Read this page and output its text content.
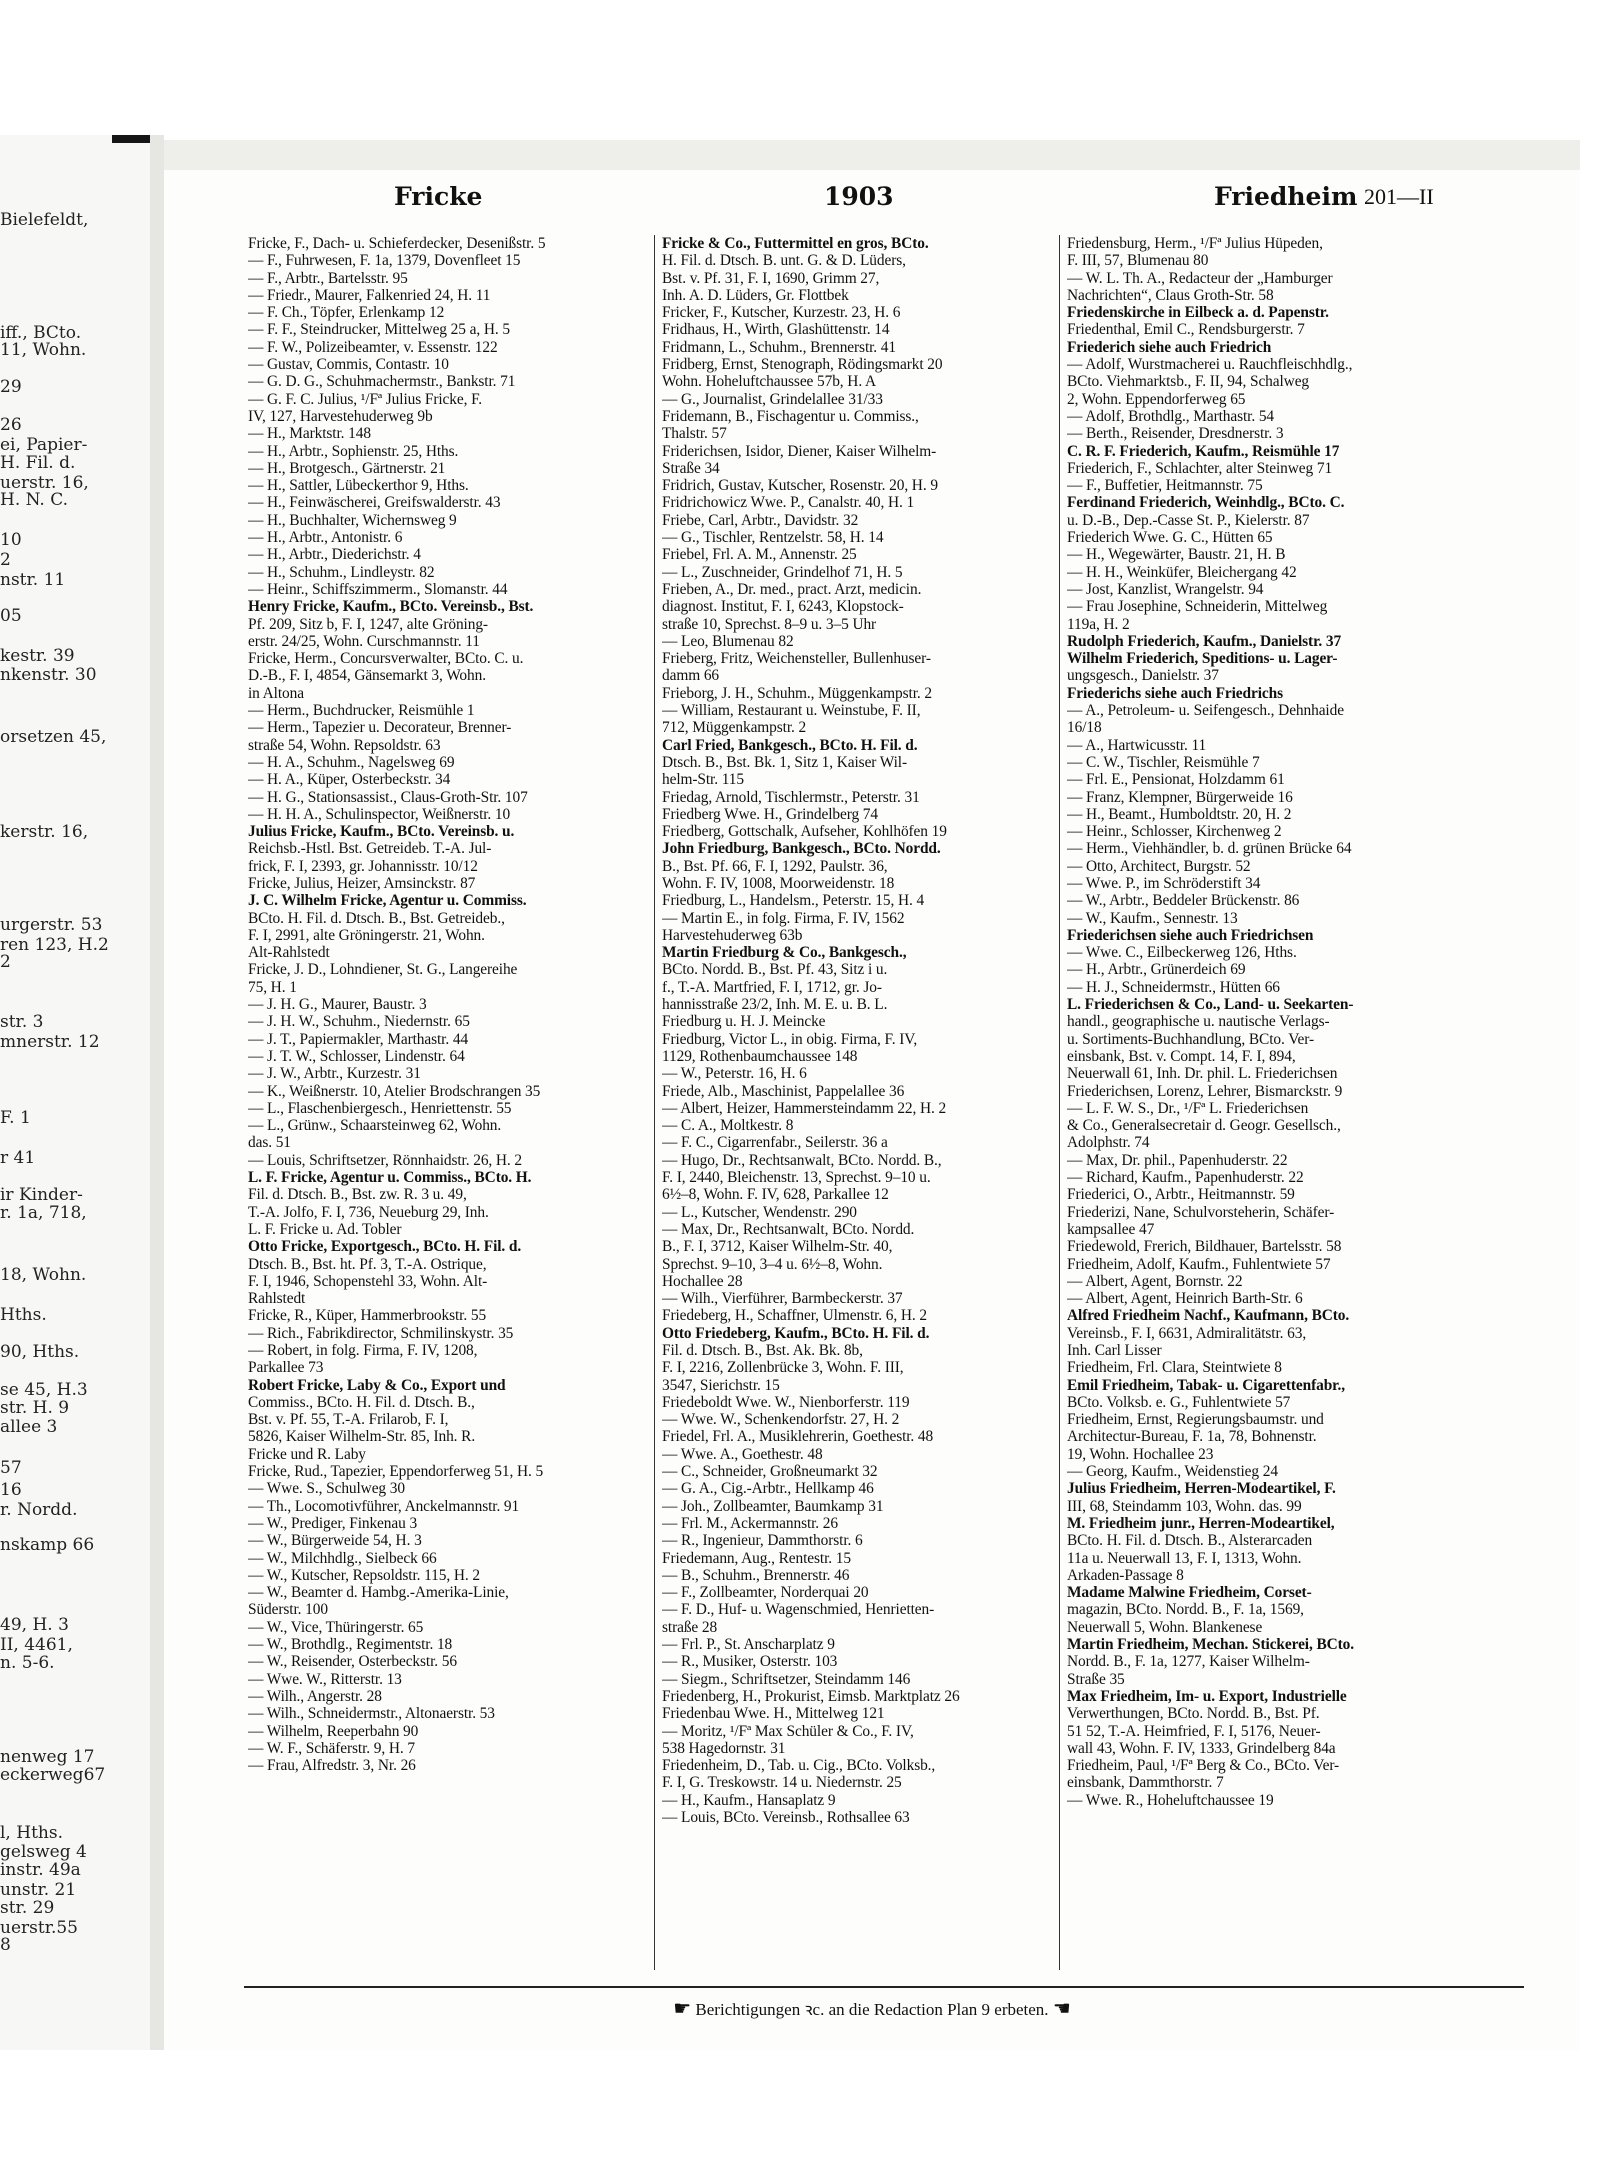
Bielefeldt,
iff., BCto.
11, Wohn.
29
26
ei, Papier-
H. Fil. d.
uerstr. 16,
H. N. C.
10
2
nstr. 11
05
kestr. 39
nkenstr. 30
orsetzen 45,
kerstr. 16,
urgerstr. 53
ren 123, H.2
2
str. 3
mnerstr. 12
F. 1
r 41
ir Kinder-
r. 1a, 718,
18, Wohn.
Hths.
90, Hths.
se 45, H.3
str. H. 9
allee 3
57
16
r. Nordd.
nskamp 66
49, H. 3
II, 4461,
n. 5-6.
nenweg 17
eckerweg67
l, Hths.
gelsweg 4
instr. 49a
unstr. 21
str. 29
uerstr.55
8
Fricke	1903	Friedheim 201—II

Fricke, F., Dach- u. Schieferdecker, Desenißstr. 5

— F., Fuhrwesen, F. 1a, 1379, Dovenfleet 15

— F., Arbtr., Bartelsstr. 95

— Friedr., Maurer, Falkenried 24, H. 11

— F. Ch., Töpfer, Erlenkamp 12

— F. F., Steindrucker, Mittelweg 25 a, H. 5

— F. W., Polizeibeamter, v. Essenstr. 122

— Gustav, Commis, Contastr. 10

— G. D. G., Schuhmachermstr., Bankstr. 71

— G. F. C. Julius, ¹/Fª Julius Fricke, F.

IV, 127, Harvestehuderweg 9b

— H., Marktstr. 148

— H., Arbtr., Sophienstr. 25, Hths.

— H., Brotgesch., Gärtnerstr. 21

— H., Sattler, Lübeckerthor 9, Hths.

— H., Feinwäscherei, Greifswalderstr. 43

— H., Buchhalter, Wichernsweg 9

— H., Arbtr., Antonistr. 6

— H., Arbtr., Diederichstr. 4

— H., Schuhm., Lindleystr. 82

— Heinr., Schiffszimmerm., Slomanstr. 44

Henry Fricke, Kaufm., BCto. Vereinsb., Bst.

Pf. 209, Sitz b, F. I, 1247, alte Gröning-

erstr. 24/25, Wohn. Curschmannstr. 11

Fricke, Herm., Concursverwalter, BCto. C. u.

D.-B., F. I, 4854, Gänsemarkt 3, Wohn.

in Altona

— Herm., Buchdrucker, Reismühle 1

— Herm., Tapezier u. Decorateur, Brenner-

straße 54, Wohn. Repsoldstr. 63

— H. A., Schuhm., Nagelsweg 69

— H. A., Küper, Osterbeckstr. 34

— H. G., Stationsassist., Claus-Groth-Str. 107

— H. H. A., Schulinspector, Weißnerstr. 10

Julius Fricke, Kaufm., BCto. Vereinsb. u.

Reichsb.-Hstl. Bst. Getreideb. T.-A. Jul-

frick, F. I, 2393, gr. Johannisstr. 10/12

Fricke, Julius, Heizer, Amsinckstr. 87

J. C. Wilhelm Fricke, Agentur u. Commiss.

BCto. H. Fil. d. Dtsch. B., Bst. Getreideb.,

F. I, 2991, alte Gröningerstr. 21, Wohn.

Alt-Rahlstedt

Fricke, J. D., Lohndiener, St. G., Langereihe

75, H. 1

— J. H. G., Maurer, Baustr. 3

— J. H. W., Schuhm., Niedernstr. 65

— J. T., Papiermakler, Marthastr. 44

— J. T. W., Schlosser, Lindenstr. 64

— J. W., Arbtr., Kurzestr. 31

— K., Weißnerstr. 10, Atelier Brodschrangen 35

— L., Flaschenbiergesch., Henriettenstr. 55

— L., Grünw., Schaarsteinweg 62, Wohn.

das. 51

— Louis, Schriftsetzer, Rönnhaidstr. 26, H. 2

L. F. Fricke, Agentur u. Commiss., BCto. H.

Fil. d. Dtsch. B., Bst. zw. R. 3 u. 49,

T.-A. Jolfo, F. I, 736, Neueburg 29, Inh.

L. F. Fricke u. Ad. Tobler

Otto Fricke, Exportgesch., BCto. H. Fil. d.

Dtsch. B., Bst. ht. Pf. 3, T.-A. Ostrique,

F. I, 1946, Schopenstehl 33, Wohn. Alt-

Rahlstedt

Fricke, R., Küper, Hammerbrookstr. 55

— Rich., Fabrikdirector, Schmilinskystr. 35

— Robert, in folg. Firma, F. IV, 1208,

Parkallee 73

Robert Fricke, Laby & Co., Export und

Commiss., BCto. H. Fil. d. Dtsch. B.,

Bst. v. Pf. 55, T.-A. Frilarob, F. I,

5826, Kaiser Wilhelm-Str. 85, Inh. R.

Fricke und R. Laby

Fricke, Rud., Tapezier, Eppendorferweg 51, H. 5

— Wwe. S., Schulweg 30

— Th., Locomotivführer, Anckelmannstr. 91

— W., Prediger, Finkenau 3

— W., Bürgerweide 54, H. 3

— W., Milchhdlg., Sielbeck 66

— W., Kutscher, Repsoldstr. 115, H. 2

— W., Beamter d. Hambg.-Amerika-Linie,

Süderstr. 100

— W., Vice, Thüringerstr. 65

— W., Brothdlg., Regimentstr. 18

— W., Reisender, Osterbeckstr. 56

— Wwe. W., Ritterstr. 13

— Wilh., Angerstr. 28

— Wilh., Schneidermstr., Altonaerstr. 53

— Wilhelm, Reeperbahn 90

— W. F., Schäferstr. 9, H. 7

— Frau, Alfredstr. 3, Nr. 26

Fricke & Co., Futtermittel en gros, BCto.

H. Fil. d. Dtsch. B. unt. G. & D. Lüders,

Bst. v. Pf. 31, F. I, 1690, Grimm 27,

Inh. A. D. Lüders, Gr. Flottbek

Fricker, F., Kutscher, Kurzestr. 23, H. 6

Fridhaus, H., Wirth, Glashüttenstr. 14

Fridmann, L., Schuhm., Brennerstr. 41

Fridberg, Ernst, Stenograph, Rödingsmarkt 20

Wohn. Hoheluftchaussee 57b, H. A

— G., Journalist, Grindelallee 31/33

Fridemann, B., Fischagentur u. Commiss.,

Thalstr. 57

Friderichsen, Isidor, Diener, Kaiser Wilhelm-

Straße 34

Fridrich, Gustav, Kutscher, Rosenstr. 20, H. 9

Fridrichowicz Wwe. P., Canalstr. 40, H. 1

Friebe, Carl, Arbtr., Davidstr. 32

— G., Tischler, Rentzelstr. 58, H. 14

Friebel, Frl. A. M., Annenstr. 25

— L., Zuschneider, Grindelhof 71, H. 5

Frieben, A., Dr. med., pract. Arzt, medicin.

diagnost. Institut, F. I, 6243, Klopstock-

straße 10, Sprechst. 8–9 u. 3–5 Uhr

— Leo, Blumenau 82

Frieberg, Fritz, Weichensteller, Bullenhuser-

damm 66

Frieborg, J. H., Schuhm., Müggenkampstr. 2

— William, Restaurant u. Weinstube, F. II,

712, Müggenkampstr. 2

Carl Fried, Bankgesch., BCto. H. Fil. d.

Dtsch. B., Bst. Bk. 1, Sitz 1, Kaiser Wil-

helm-Str. 115

Friedag, Arnold, Tischlermstr., Peterstr. 31

Friedberg Wwe. H., Grindelberg 74

Friedberg, Gottschalk, Aufseher, Kohlhöfen 19

John Friedburg, Bankgesch., BCto. Nordd.

B., Bst. Pf. 66, F. I, 1292, Paulstr. 36,

Wohn. F. IV, 1008, Moorweidenstr. 18

Friedburg, L., Handelsm., Peterstr. 15, H. 4

— Martin E., in folg. Firma, F. IV, 1562

Harvestehuderweg 63b

Martin Friedburg & Co., Bankgesch.,

BCto. Nordd. B., Bst. Pf. 43, Sitz i u.

f., T.-A. Martfried, F. I, 1712, gr. Jo-

hannisstraße 23/2, Inh. M. E. u. B. L.

Friedburg u. H. J. Meincke

Friedburg, Victor L., in obig. Firma, F. IV,

1129, Rothenbaumchaussee 148

— W., Peterstr. 16, H. 6

Friede, Alb., Maschinist, Pappelallee 36

— Albert, Heizer, Hammersteindamm 22, H. 2

— C. A., Moltkestr. 8

— F. C., Cigarrenfabr., Seilerstr. 36 a

— Hugo, Dr., Rechtsanwalt, BCto. Nordd. B.,

F. I, 2440, Bleichenstr. 13, Sprechst. 9–10 u.

6½–8, Wohn. F. IV, 628, Parkallee 12

— L., Kutscher, Wendenstr. 290

— Max, Dr., Rechtsanwalt, BCto. Nordd.

B., F. I, 3712, Kaiser Wilhelm-Str. 40,

Sprechst. 9–10, 3–4 u. 6½–8, Wohn.

Hochallee 28

— Wilh., Vierführer, Barmbeckerstr. 37

Friedeberg, H., Schaffner, Ulmenstr. 6, H. 2

Otto Friedeberg, Kaufm., BCto. H. Fil. d.

Fil. d. Dtsch. B., Bst. Ak. Bk. 8b,

F. I, 2216, Zollenbrücke 3, Wohn. F. III,

3547, Sierichstr. 15

Friedeboldt Wwe. W., Nienborferstr. 119

— Wwe. W., Schenkendorfstr. 27, H. 2

Friedel, Frl. A., Musiklehrerin, Goethestr. 48

— Wwe. A., Goethestr. 48

— C., Schneider, Großneumarkt 32

— G. A., Cig.-Arbtr., Hellkamp 46

— Joh., Zollbeamter, Baumkamp 31

— Frl. M., Ackermannstr. 26

— R., Ingenieur, Dammthorstr. 6

Friedemann, Aug., Rentestr. 15

— B., Schuhm., Brennerstr. 46

— F., Zollbeamter, Norderquai 20

— F. D., Huf- u. Wagenschmied, Henrietten-

straße 28

— Frl. P., St. Anscharplatz 9

— R., Musiker, Osterstr. 103

— Siegm., Schriftsetzer, Steindamm 146

Friedenberg, H., Prokurist, Eimsb. Marktplatz 26

Friedenbau Wwe. H., Mittelweg 121

— Moritz, ¹/Fª Max Schüler & Co., F. IV,

538 Hagedornstr. 31

Friedenheim, D., Tab. u. Cig., BCto. Volksb.,

F. I, G. Treskowstr. 14 u. Niedernstr. 25

— H., Kaufm., Hansaplatz 9

— Louis, BCto. Vereinsb., Rothsallee 63

Friedensburg, Herm., ¹/Fª Julius Hüpeden,

F. III, 57, Blumenau 80

— W. L. Th. A., Redacteur der „Hamburger

Nachrichten“, Claus Groth-Str. 58

Friedenskirche in Eilbeck a. d. Papenstr.

Friedenthal, Emil C., Rendsburgerstr. 7

Friederich siehe auch Friedrich

— Adolf, Wurstmacherei u. Rauchfleischhdlg.,

BCto. Viehmarktsb., F. II, 94, Schalweg

2, Wohn. Eppendorferweg 65

— Adolf, Brothdlg., Marthastr. 54

— Berth., Reisender, Dresdnerstr. 3

C. R. F. Friederich, Kaufm., Reismühle 17

Friederich, F., Schlachter, alter Steinweg 71

— F., Buffetier, Heitmannstr. 75

Ferdinand Friederich, Weinhdlg., BCto. C.

u. D.-B., Dep.-Casse St. P., Kielerstr. 87

Friederich Wwe. G. C., Hütten 65

— H., Wegewärter, Baustr. 21, H. B

— H. H., Weinküfer, Bleichergang 42

— Jost, Kanzlist, Wrangelstr. 94

— Frau Josephine, Schneiderin, Mittelweg

119a, H. 2

Rudolph Friederich, Kaufm., Danielstr. 37

Wilhelm Friederich, Speditions- u. Lager-

ungsgesch., Danielstr. 37

Friederichs siehe auch Friedrichs

— A., Petroleum- u. Seifengesch., Dehnhaide

16/18

— A., Hartwicusstr. 11

— C. W., Tischler, Reismühle 7

— Frl. E., Pensionat, Holzdamm 61

— Franz, Klempner, Bürgerweide 16

— H., Beamt., Humboldtstr. 20, H. 2

— Heinr., Schlosser, Kirchenweg 2

— Herm., Viehhändler, b. d. grünen Brücke 64

— Otto, Architect, Burgstr. 52

— Wwe. P., im Schröderstift 34

— W., Arbtr., Beddeler Brückenstr. 86

— W., Kaufm., Sennestr. 13

Friederichsen siehe auch Friedrichsen

— Wwe. C., Eilbeckerweg 126, Hths.

— H., Arbtr., Grünerdeich 69

— H. J., Schneidermstr., Hütten 66

L. Friederichsen & Co., Land- u. Seekarten-

handl., geographische u. nautische Verlags-

u. Sortiments-Buchhandlung, BCto. Ver-

einsbank, Bst. v. Compt. 14, F. I, 894,

Neuerwall 61, Inh. Dr. phil. L. Friederichsen

Friederichsen, Lorenz, Lehrer, Bismarckstr. 9

— L. F. W. S., Dr., ¹/Fª L. Friederichsen

& Co., Generalsecretair d. Geogr. Gesellsch.,

Adolphstr. 74

— Max, Dr. phil., Papenhuderstr. 22

— Richard, Kaufm., Papenhuderstr. 22

Friederici, O., Arbtr., Heitmannstr. 59

Friederizi, Nane, Schulvorsteherin, Schäfer-

kampsallee 47

Friedewold, Frerich, Bildhauer, Bartelsstr. 58

Friedheim, Adolf, Kaufm., Fuhlentwiete 57

— Albert, Agent, Bornstr. 22

— Albert, Agent, Heinrich Barth-Str. 6

Alfred Friedheim Nachf., Kaufmann, BCto.

Vereinsb., F. I, 6631, Admiralitätstr. 63,

Inh. Carl Lisser

Friedheim, Frl. Clara, Steintwiete 8

Emil Friedheim, Tabak- u. Cigarettenfabr.,

BCto. Volksb. e. G., Fuhlentwiete 57

Friedheim, Ernst, Regierungsbaumstr. und

Architectur-Bureau, F. 1a, 78, Bohnenstr.

19, Wohn. Hochallee 23

— Georg, Kaufm., Weidenstieg 24

Julius Friedheim, Herren-Modeartikel, F.

III, 68, Steindamm 103, Wohn. das. 99

M. Friedheim junr., Herren-Modeartikel,

BCto. H. Fil. d. Dtsch. B., Alsterarcaden

11a u. Neuerwall 13, F. I, 1313, Wohn.

Arkaden-Passage 8

Madame Malwine Friedheim, Corset-

magazin, BCto. Nordd. B., F. 1a, 1569,

Neuerwall 5, Wohn. Blankenese

Martin Friedheim, Mechan. Stickerei, BCto.

Nordd. B., F. 1a, 1277, Kaiser Wilhelm-

Straße 35

Max Friedheim, Im- u. Export, Industrielle

Verwerthungen, BCto. Nordd. B., Bst. Pf.

51 52, T.-A. Heimfried, F. I, 5176, Neuer-

wall 43, Wohn. F. IV, 1333, Grindelberg 84a

Friedheim, Paul, ¹/Fª Berg & Co., BCto. Ver-

einsbank, Dammthorstr. 7

— Wwe. R., Hoheluftchaussee 19

☛ Berichtigungen ꝛc. an die Redaction Plan 9 erbeten. ☚
